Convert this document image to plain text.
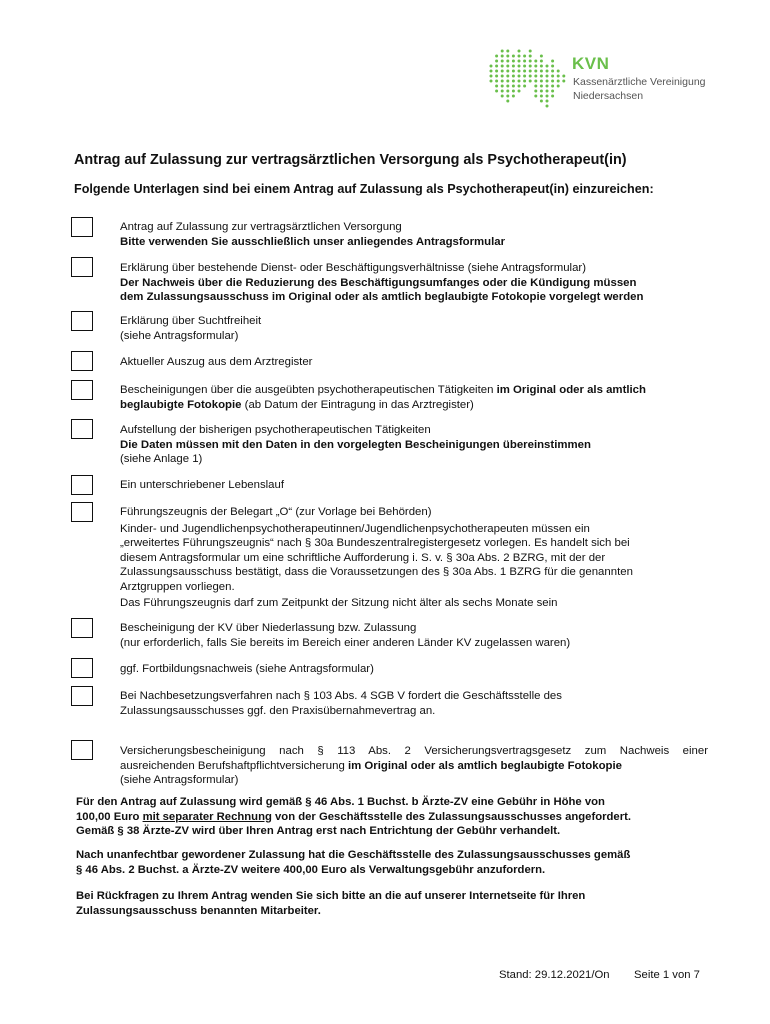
KVN
Kassenärztliche Vereinigung
Niedersachsen
Antrag auf Zulassung zur vertragsärztlichen Versorgung als Psychotherapeut(in)
Folgende Unterlagen sind bei einem Antrag auf Zulassung als Psychotherapeut(in) einzureichen:
Antrag auf Zulassung zur vertragsärztlichen Versorgung
Bitte verwenden Sie ausschließlich unser anliegendes Antragsformular
Erklärung über bestehende Dienst- oder Beschäftigungsverhältnisse (siehe Antragsformular)
Der Nachweis über die Reduzierung des Beschäftigungsumfanges oder die Kündigung müssen
dem Zulassungsausschuss im Original oder als amtlich beglaubigte Fotokopie vorgelegt werden
Erklärung über Suchtfreiheit
(siehe Antragsformular)
Aktueller Auszug aus dem Arztregister
Bescheinigungen über die ausgeübten psychotherapeutischen Tätigkeiten im Original oder als amtlich
beglaubigte Fotokopie (ab Datum der Eintragung in das Arztregister)
Aufstellung der bisherigen psychotherapeutischen Tätigkeiten
Die Daten müssen mit den Daten in den vorgelegten Bescheinigungen übereinstimmen
(siehe Anlage 1)
Ein unterschriebener Lebenslauf
Führungszeugnis der Belegart „O“ (zur Vorlage bei Behörden)
Kinder- und Jugendlichenpsychotherapeutinnen/Jugendlichenpsychotherapeuten müssen ein
„erweitertes Führungszeugnis“ nach § 30a Bundeszentralregistergesetz vorlegen. Es handelt sich bei
diesem Antragsformular um eine schriftliche Aufforderung i. S. v. § 30a Abs. 2 BZRG, mit der der
Zulassungsausschuss bestätigt, dass die Voraussetzungen des § 30a Abs. 1 BZRG für die genannten
Arztgruppen vorliegen.
Das Führungszeugnis darf zum Zeitpunkt der Sitzung nicht älter als sechs Monate sein
Bescheinigung der KV über Niederlassung bzw. Zulassung
(nur erforderlich, falls Sie bereits im Bereich einer anderen Länder KV zugelassen waren)
ggf. Fortbildungsnachweis (siehe Antragsformular)
Bei Nachbesetzungsverfahren nach § 103 Abs. 4 SGB V fordert die Geschäftsstelle des
Zulassungsausschusses ggf. den Praxisübernahmevertrag an.
Versicherungsbescheinigung nach § 113 Abs. 2 Versicherungsvertragsgesetz zum Nachweis einer
ausreichenden Berufshaftpflichtversicherung im Original oder als amtlich beglaubigte Fotokopie
(siehe Antragsformular)
Für den Antrag auf Zulassung wird gemäß § 46 Abs. 1 Buchst. b Ärzte-ZV eine Gebühr in Höhe von
100,00 Euro mit separater Rechnung von der Geschäftsstelle des Zulassungsausschusses angefordert.
Gemäß § 38 Ärzte-ZV wird über Ihren Antrag erst nach Entrichtung der Gebühr verhandelt.
Nach unanfechtbar gewordener Zulassung hat die Geschäftsstelle des Zulassungsausschusses gemäß
§ 46 Abs. 2 Buchst. a Ärzte-ZV weitere 400,00 Euro als Verwaltungsgebühr anzufordern.
Bei Rückfragen zu Ihrem Antrag wenden Sie sich bitte an die auf unserer Internetseite für Ihren
Zulassungsausschuss benannten Mitarbeiter.
Stand: 29.12.2021/On Seite 1 von 7
